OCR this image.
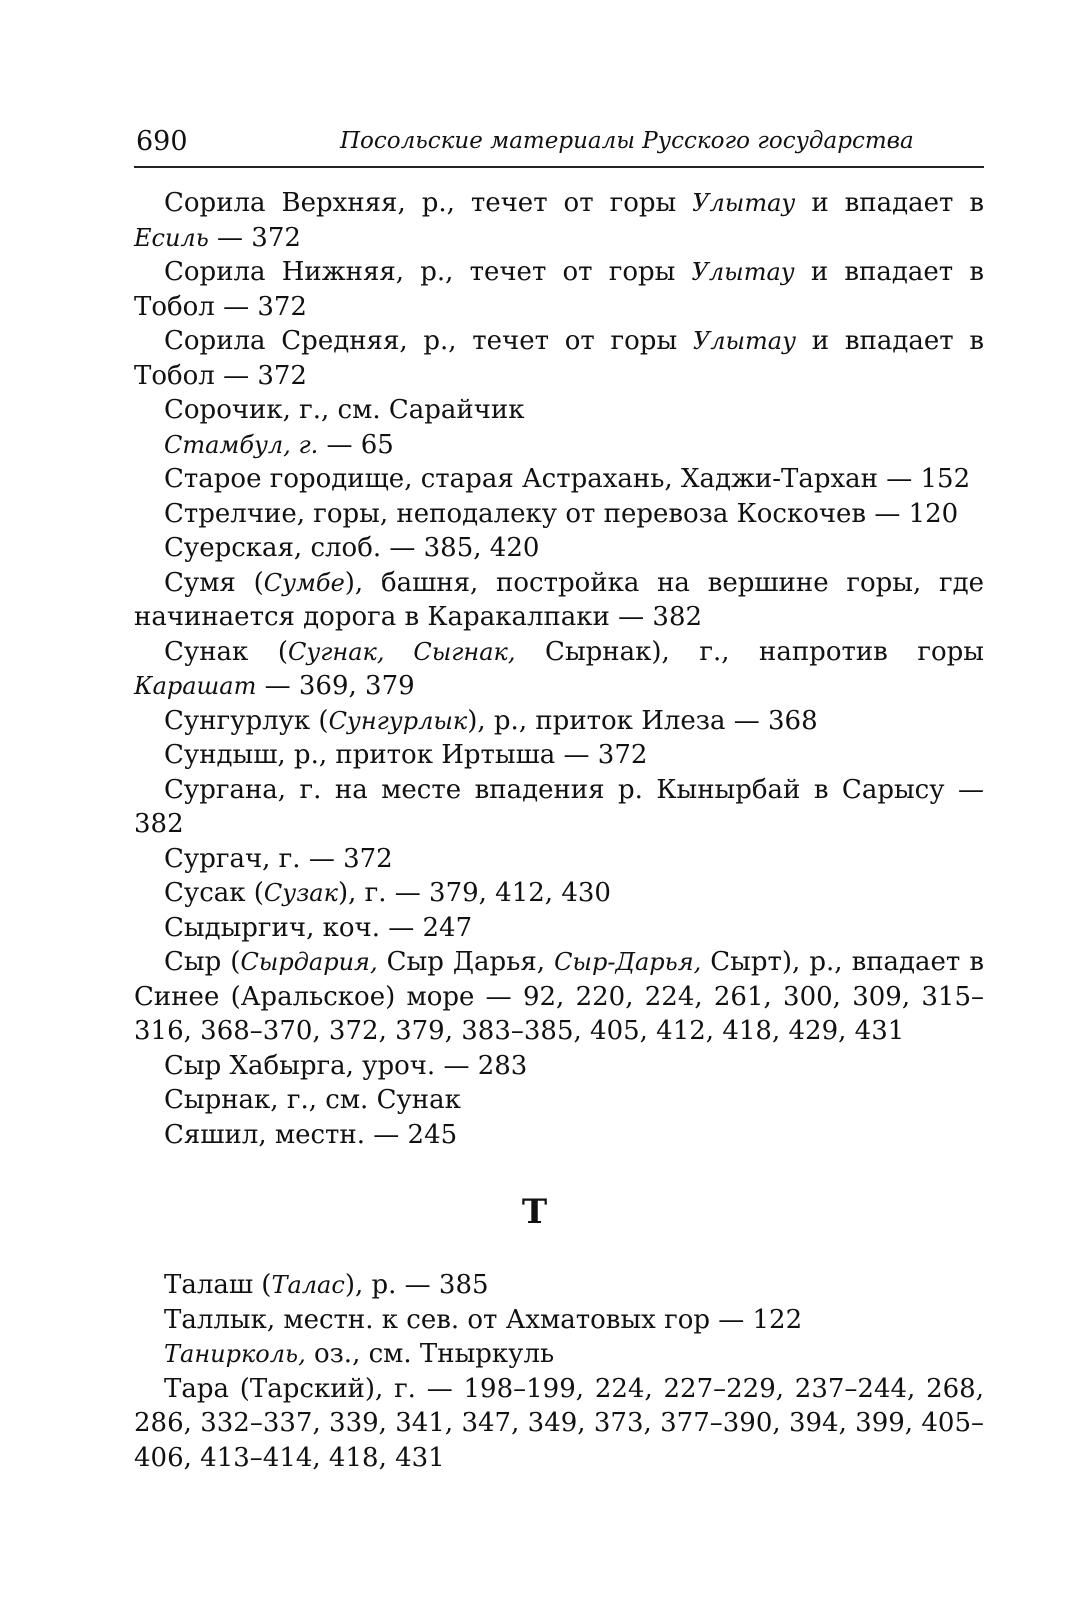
690	Посольские материалы Русского государства
Сорила Верхняя, р., течет от горы Улытау и впадает в Есиль — 372
Сорила Нижняя, р., течет от горы Улытау и впадает в Тобол — 372
Сорила Средняя, р., течет от горы Улытау и впадает в Тобол — 372
Сорочик, г., см. Сарайчик
Стамбул, г. — 65
Старое городище, старая Астрахань, Хаджи-Тархан — 152
Стрелчие, горы, неподалеку от перевоза Коскочев — 120
Суерская, слоб. — 385, 420
Сумя (Сумбе), башня, постройка на вершине горы, где начинается дорога в Каракалпаки — 382
Сунак (Сугнак, Сыгнак, Сырнак), г., напротив горы Карашат — 369, 379
Сунгурлук (Сунгурлык), р., приток Илеза — 368
Сундыш, р., приток Иртыша — 372
Сургана, г. на месте впадения р. Кынырбай в Сарысу — 382
Сургач, г. — 372
Сусак (Сузак), г. — 379, 412, 430
Сыдыргич, коч. — 247
Сыр (Сырдария, Сыр Дарья, Сыр-Дарья, Сырт), р., впадает в Синее (Аральское) море — 92, 220, 224, 261, 300, 309, 315–316, 368–370, 372, 379, 383–385, 405, 412, 418, 429, 431
Сыр Хабырга, уроч. — 283
Сырнак, г., см. Сунак
Сяшил, местн. — 245
Т
Талаш (Талас), р. — 385
Таллык, местн. к сев. от Ахматовых гор — 122
Танирколь, оз., см. Тныркуль
Тара (Тарский), г. — 198–199, 224, 227–229, 237–244, 268, 286, 332–337, 339, 341, 347, 349, 373, 377–390, 394, 399, 405–406, 413–414, 418, 431
